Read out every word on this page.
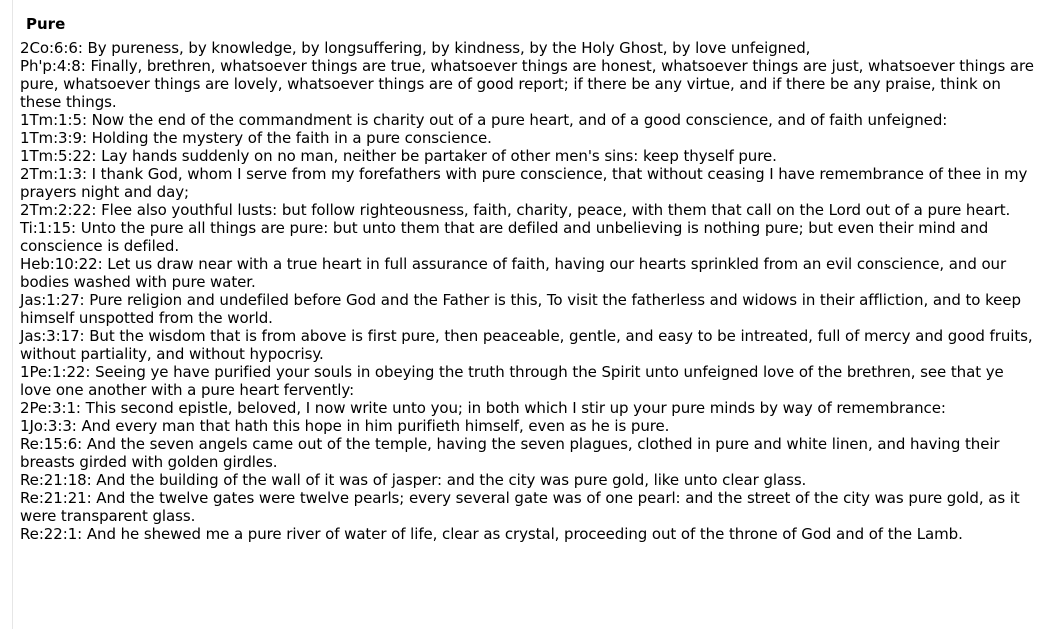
Pure
2Co:6:6: By pureness, by knowledge, by longsuffering, by kindness, by the Holy Ghost, by love unfeigned,
Ph'p:4:8: Finally, brethren, whatsoever things are true, whatsoever things are honest, whatsoever things are just, whatsoever things are pure, whatsoever things are lovely, whatsoever things are of good report; if there be any virtue, and if there be any praise, think on these things.
1Tm:1:5: Now the end of the commandment is charity out of a pure heart, and of a good conscience, and of faith unfeigned:
1Tm:3:9: Holding the mystery of the faith in a pure conscience.
1Tm:5:22: Lay hands suddenly on no man, neither be partaker of other men's sins: keep thyself pure.
2Tm:1:3: I thank God, whom I serve from my forefathers with pure conscience, that without ceasing I have remembrance of thee in my prayers night and day;
2Tm:2:22: Flee also youthful lusts: but follow righteousness, faith, charity, peace, with them that call on the Lord out of a pure heart.
Ti:1:15: Unto the pure all things are pure: but unto them that are defiled and unbelieving is nothing pure; but even their mind and conscience is defiled.
Heb:10:22: Let us draw near with a true heart in full assurance of faith, having our hearts sprinkled from an evil conscience, and our bodies washed with pure water.
Jas:1:27: Pure religion and undefiled before God and the Father is this, To visit the fatherless and widows in their affliction, and to keep himself unspotted from the world.
Jas:3:17: But the wisdom that is from above is first pure, then peaceable, gentle, and easy to be intreated, full of mercy and good fruits, without partiality, and without hypocrisy.
1Pe:1:22: Seeing ye have purified your souls in obeying the truth through the Spirit unto unfeigned love of the brethren, see that ye love one another with a pure heart fervently:
2Pe:3:1: This second epistle, beloved, I now write unto you; in both which I stir up your pure minds by way of remembrance:
1Jo:3:3: And every man that hath this hope in him purifieth himself, even as he is pure.
Re:15:6: And the seven angels came out of the temple, having the seven plagues, clothed in pure and white linen, and having their breasts girded with golden girdles.
Re:21:18: And the building of the wall of it was of jasper: and the city was pure gold, like unto clear glass.
Re:21:21: And the twelve gates were twelve pearls; every several gate was of one pearl: and the street of the city was pure gold, as it were transparent glass.
Re:22:1: And he shewed me a pure river of water of life, clear as crystal, proceeding out of the throne of God and of the Lamb.
